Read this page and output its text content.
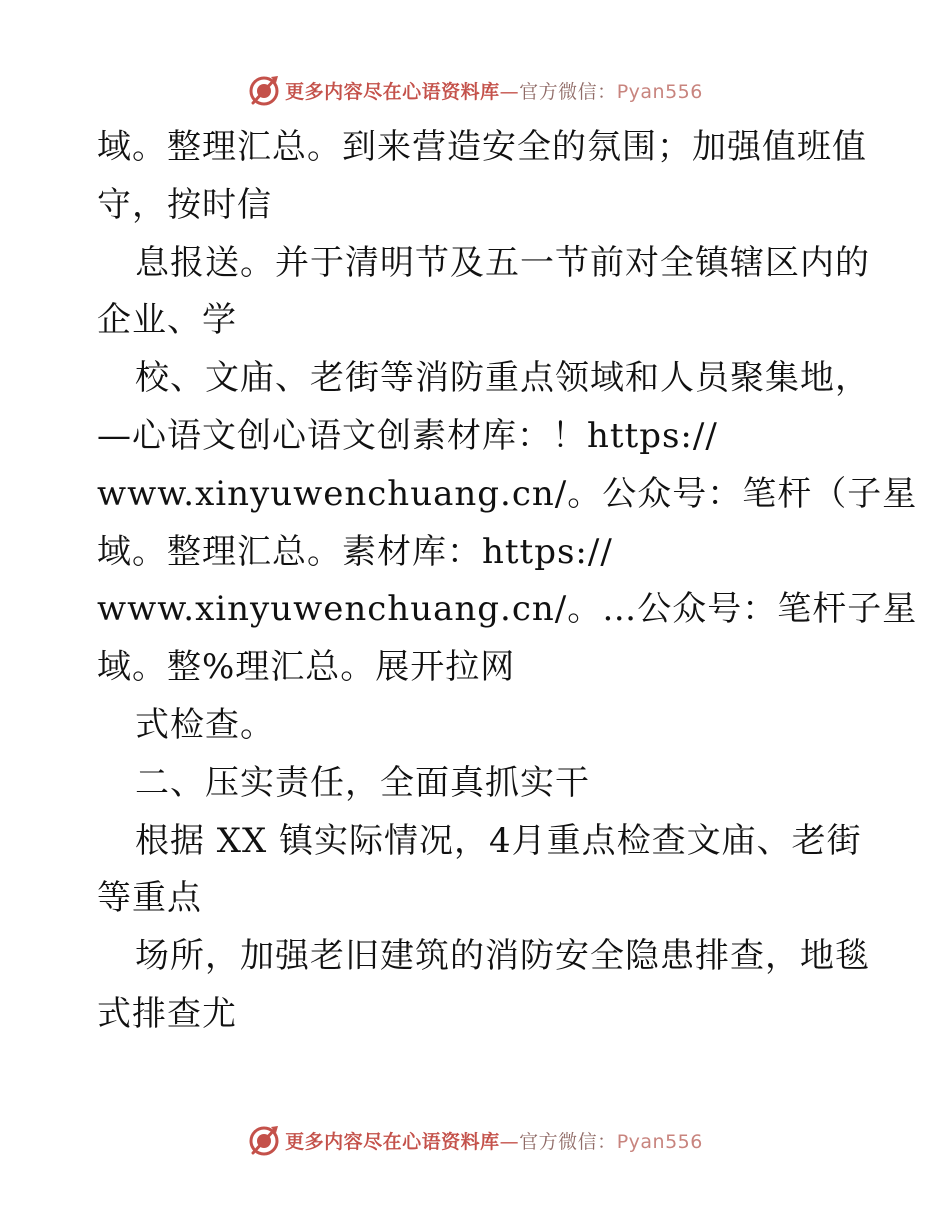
更多内容尽在心语资料库—官方微信：Pyan556
域。整理汇总。到来营造安全的氛围；加强值班值
守，按时信
息报送。并于清明节及五一节前对全镇辖区内的
企业、学
校、文庙、老街等消防重点领域和人员聚集地，
—心语文创心语文创素材库：！https://
www.xinyuwenchuang.cn/。公众号：笔杆（子星
域。整理汇总。素材库：https://
www.xinyuwenchuang.cn/。…公众号：笔杆子星
域。整%理汇总。展开拉网
式检查。
二、压实责任，全面真抓实干
根据 XX 镇实际情况，4月重点检查文庙、老街
等重点
场所，加强老旧建筑的消防安全隐患排查，地毯
式排查尤
更多内容尽在心语资料库—官方微信：Pyan556
